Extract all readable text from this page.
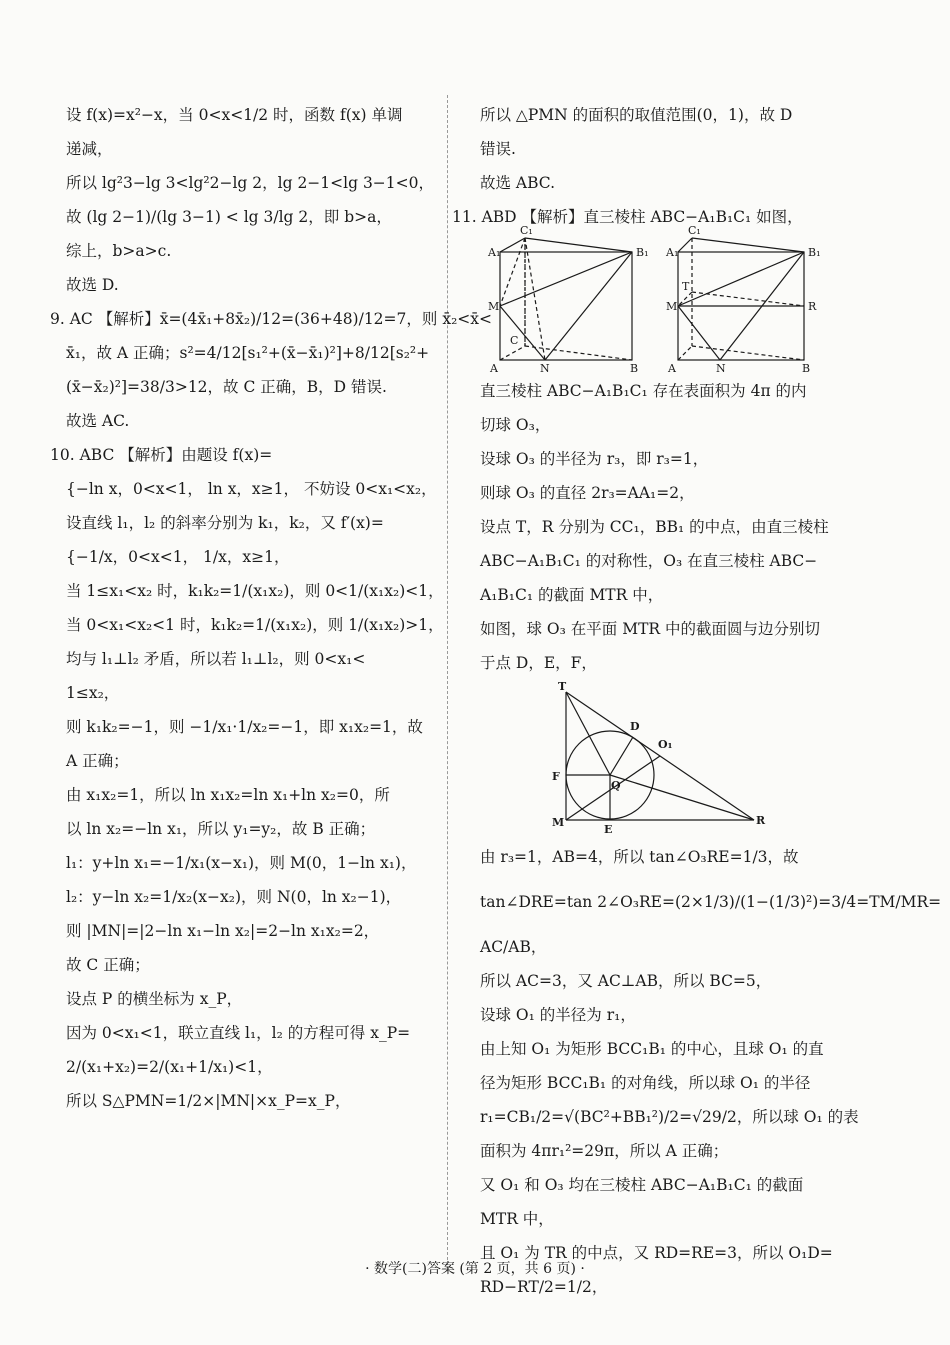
设 f(x)=x²−x，当 0<x<1/2 时，函数 f(x) 单调
递减，
所以 lg²3−lg 3<lg²2−lg 2，lg 2−1<lg 3−1<0，
故 (lg 2−1)/(lg 3−1) < lg 3/lg 2，即 b>a，
综上，b>a>c.
故选 D.
9. AC 【解析】x̄=(4x̄₁+8x̄₂)/12=(36+48)/12=7，则 x̄₂<x̄<
x̄₁，故 A 正确；s²=4/12[s₁²+(x̄−x̄₁)²]+8/12[s₂²+
(x̄−x̄₂)²]=38/3>12，故 C 正确，B，D 错误.
故选 AC.
10. ABC 【解析】由题设 f(x)=
{−ln x，0<x<1， ln x，x≥1， 不妨设 0<x₁<x₂，
设直线 l₁，l₂ 的斜率分别为 k₁，k₂，又 f′(x)=
{−1/x，0<x<1， 1/x，x≥1，
当 1≤x₁<x₂ 时，k₁k₂=1/(x₁x₂)，则 0<1/(x₁x₂)<1，
当 0<x₁<x₂<1 时，k₁k₂=1/(x₁x₂)，则 1/(x₁x₂)>1，
均与 l₁⊥l₂ 矛盾，所以若 l₁⊥l₂，则 0<x₁<
1≤x₂，
则 k₁k₂=−1，则 −1/x₁·1/x₂=−1，即 x₁x₂=1，故
A 正确；
由 x₁x₂=1，所以 ln x₁x₂=ln x₁+ln x₂=0，所
以 ln x₂=−ln x₁，所以 y₁=y₂，故 B 正确；
l₁：y+ln x₁=−1/x₁(x−x₁)，则 M(0，1−ln x₁)，
l₂：y−ln x₂=1/x₂(x−x₂)，则 N(0，ln x₂−1)，
则 |MN|=|2−ln x₁−ln x₂|=2−ln x₁x₂=2，
故 C 正确；
设点 P 的横坐标为 x_P，
因为 0<x₁<1，联立直线 l₁，l₂ 的方程可得 x_P=
2/(x₁+x₂)=2/(x₁+1/x₁)<1，
所以 S△PMN=1/2×|MN|×x_P=x_P，
所以 △PMN 的面积的取值范围(0，1)，故 D
错误.
故选 ABC.
11. ABD 【解析】直三棱柱 ABC−A₁B₁C₁ 如图，
C₁
A₁	B₁
M
C
A	N	B
C₁
A₁	B₁
T
M	R
A	N	B
直三棱柱 ABC−A₁B₁C₁ 存在表面积为 4π 的内
切球 O₃，
设球 O₃ 的半径为 r₃，即 r₃=1，
则球 O₃ 的直径 2r₃=AA₁=2，
设点 T，R 分别为 CC₁，BB₁ 的中点，由直三棱柱
ABC−A₁B₁C₁ 的对称性，O₃ 在直三棱柱 ABC−
A₁B₁C₁ 的截面 MTR 中，
如图，球 O₃ 在平面 MTR 中的截面圆与边分别切
于点 D，E，F，
T
D
O₁
F
Q
M
E
R
由 r₃=1，AB=4，所以 tan∠O₃RE=1/3，故
tan∠DRE=tan 2∠O₃RE=(2×1/3)/(1−(1/3)²)=3/4=TM/MR=
AC/AB，
所以 AC=3，又 AC⊥AB，所以 BC=5，
设球 O₁ 的半径为 r₁，
由上知 O₁ 为矩形 BCC₁B₁ 的中心，且球 O₁ 的直
径为矩形 BCC₁B₁ 的对角线，所以球 O₁ 的半径
r₁=CB₁/2=√(BC²+BB₁²)/2=√29/2，所以球 O₁ 的表
面积为 4πr₁²=29π，所以 A 正确；
又 O₁ 和 O₃ 均在三棱柱 ABC−A₁B₁C₁ 的截面
MTR 中，
且 O₁ 为 TR 的中点，又 RD=RE=3，所以 O₁D=
RD−RT/2=1/2，
· 数学(二)答案 (第 2 页，共 6 页) ·
